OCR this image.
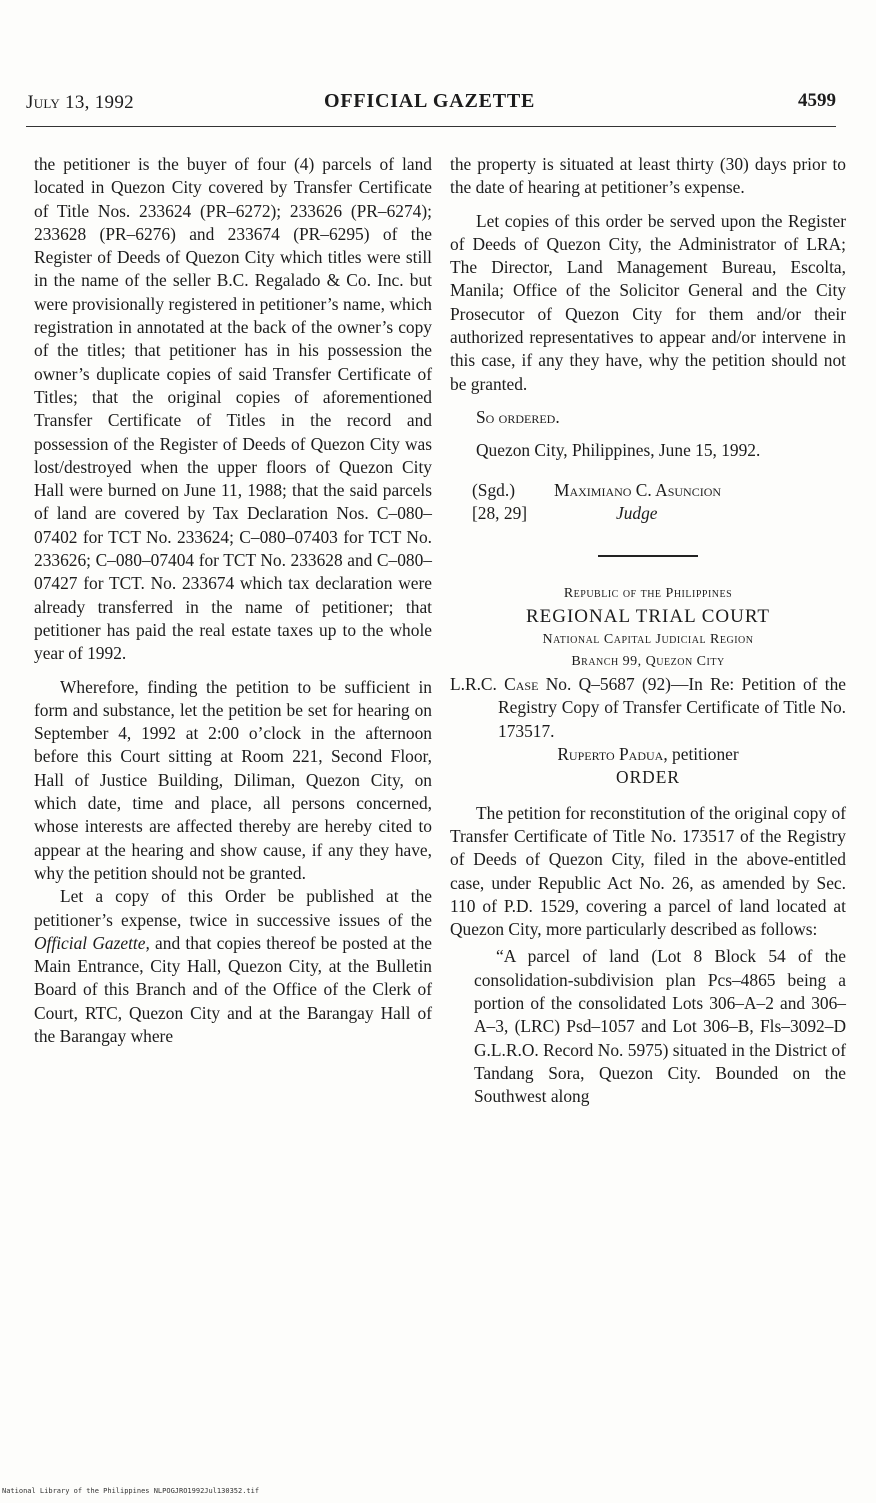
July 13, 1992	OFFICIAL GAZETTE	4599

the petitioner is the buyer of four (4) parcels of land located in Quezon City covered by Transfer Certificate of Title Nos. 233624 (PR–6272); 233626 (PR–6274); 233628 (PR–6276) and 233674 (PR–6295) of the Register of Deeds of Quezon City which titles were still in the name of the seller B.C. Regalado & Co. Inc. but were provisionally registered in petitioner’s name, which registration in annotated at the back of the owner’s copy of the titles; that petitioner has in his possession the owner’s duplicate copies of said Transfer Certificate of Titles; that the original copies of aforementioned Transfer Certificate of Titles in the record and possession of the Register of Deeds of Quezon City was lost/destroyed when the upper floors of Quezon City Hall were burned on June 11, 1988; that the said parcels of land are covered by Tax Declaration Nos. C–080–07402 for TCT No. 233624; C–080–07403 for TCT No. 233626; C–080–07404 for TCT No. 233628 and C–080–07427 for TCT. No. 233674 which tax declaration were already transferred in the name of petitioner; that petitioner has paid the real estate taxes up to the whole year of 1992.

Wherefore, finding the petition to be sufficient in form and substance, let the petition be set for hearing on September 4, 1992 at 2:00 o’clock in the afternoon before this Court sitting at Room 221, Second Floor, Hall of Justice Building, Diliman, Quezon City, on which date, time and place, all persons concerned, whose interests are affected thereby are hereby cited to appear at the hearing and show cause, if any they have, why the petition should not be granted.

Let a copy of this Order be published at the petitioner’s expense, twice in successive issues of the Official Gazette, and that copies thereof be posted at the Main Entrance, City Hall, Quezon City, at the Bulletin Board of this Branch and of the Office of the Clerk of Court, RTC, Quezon City and at the Barangay Hall of the Barangay where

the property is situated at least thirty (30) days prior to the date of hearing at petitioner’s expense.

Let copies of this order be served upon the Register of Deeds of Quezon City, the Administrator of LRA; The Director, Land Management Bureau, Escolta, Manila; Office of the Solicitor General and the City Prosecutor of Quezon City for them and/or their authorized representatives to appear and/or intervene in this case, if any they have, why the petition should not be granted.

So ordered.

Quezon City, Philippines, June 15, 1992.

(Sgd.)	Maximiano C. Asuncion
[28, 29]	Judge
Republic of the Philippines
REGIONAL TRIAL COURT
National Capital Judicial Region
Branch 99, Quezon City

L.R.C. Case No. Q–5687 (92)—In Re: Petition of the Registry Copy of Transfer Certificate of Title No. 173517.

Ruperto Padua, petitioner

ORDER

The petition for reconstitution of the original copy of Transfer Certificate of Title No. 173517 of the Registry of Deeds of Quezon City, filed in the above-entitled case, under Republic Act No. 26, as amended by Sec. 110 of P.D. 1529, covering a parcel of land located at Quezon City, more particularly described as follows:

“A parcel of land (Lot 8 Block 54 of the consolidation-subdivision plan Pcs–4865 being a portion of the consolidated Lots 306–A–2 and 306–A–3, (LRC) Psd–1057 and Lot 306–B, Fls–3092–D G.L.R.O. Record No. 5975) situated in the District of Tandang Sora, Quezon City. Bounded on the Southwest along

National Library of the Philippines NLPOGJRO1992Jul130352.tif
